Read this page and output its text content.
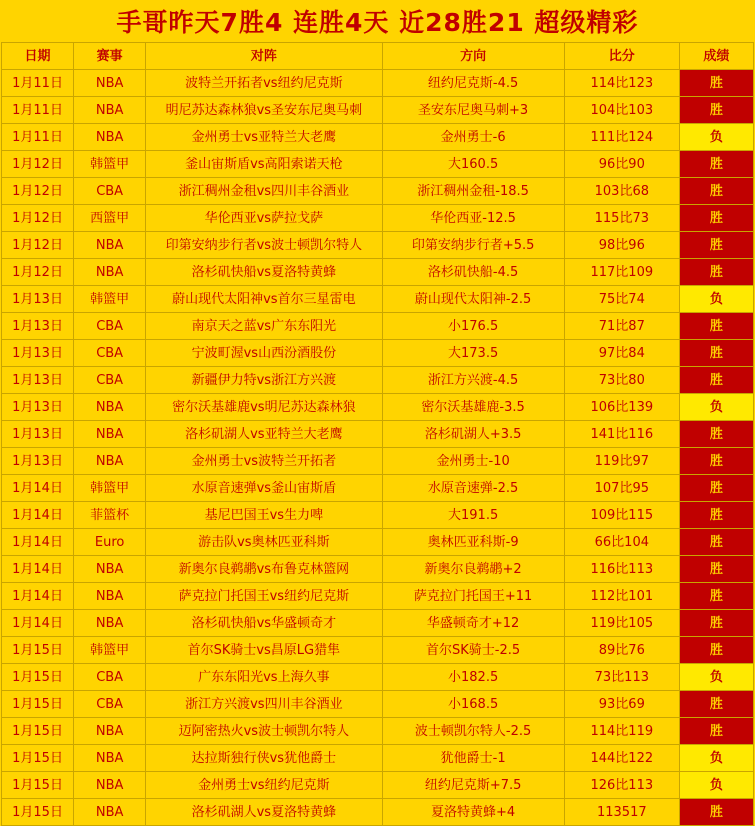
手哥昨天7胜4 连胜4天 近28胜21 超级精彩
日期	赛事	对阵	方向	比分	成绩
1月11日	NBA	波特兰开拓者vs纽约尼克斯	纽约尼克斯-4.5	114比123	胜
1月11日	NBA	明尼苏达森林狼vs圣安东尼奥马刺	圣安东尼奥马刺+3	104比103	胜
1月11日	NBA	金州勇士vs亚特兰大老鹰	金州勇士-6	111比124	负
1月12日	韩篮甲	釜山宙斯盾vs高阳索诺天枪	大160.5	96比90	胜
1月12日	CBA	浙江稠州金租vs四川丰谷酒业	浙江稠州金租-18.5	103比68	胜
1月12日	西篮甲	华伦西亚vs萨拉戈萨	华伦西亚-12.5	115比73	胜
1月12日	NBA	印第安纳步行者vs波士顿凯尔特人	印第安纳步行者+5.5	98比96	胜
1月12日	NBA	洛杉矶快船vs夏洛特黄蜂	洛杉矶快船-4.5	117比109	胜
1月13日	韩篮甲	蔚山现代太阳神vs首尔三星雷电	蔚山现代太阳神-2.5	75比74	负
1月13日	CBA	南京天之蓝vs广东东阳光	小176.5	71比87	胜
1月13日	CBA	宁波町渥vs山西汾酒股份	大173.5	97比84	胜
1月13日	CBA	新疆伊力特vs浙江方兴渡	浙江方兴渡-4.5	73比80	胜
1月13日	NBA	密尔沃基雄鹿vs明尼苏达森林狼	密尔沃基雄鹿-3.5	106比139	负
1月13日	NBA	洛杉矶湖人vs亚特兰大老鹰	洛杉矶湖人+3.5	141比116	胜
1月13日	NBA	金州勇士vs波特兰开拓者	金州勇士-10	119比97	胜
1月14日	韩篮甲	水原音速弹vs釜山宙斯盾	水原音速弹-2.5	107比95	胜
1月14日	菲篮杯	基尼巴国王vs生力啤	大191.5	109比115	胜
1月14日	Euro	游击队vs奥林匹亚科斯	奥林匹亚科斯-9	66比104	胜
1月14日	NBA	新奥尔良鹈鹕vs布鲁克林篮网	新奥尔良鹈鹕+2	116比113	胜
1月14日	NBA	萨克拉门托国王vs纽约尼克斯	萨克拉门托国王+11	112比101	胜
1月14日	NBA	洛杉矶快船vs华盛顿奇才	华盛顿奇才+12	119比105	胜
1月15日	韩篮甲	首尔SK骑士vs昌原LG猎隼	首尔SK骑士-2.5	89比76	胜
1月15日	CBA	广东东阳光vs上海久事	小182.5	73比113	负
1月15日	CBA	浙江方兴渡vs四川丰谷酒业	小168.5	93比69	胜
1月15日	NBA	迈阿密热火vs波士顿凯尔特人	波士顿凯尔特人-2.5	114比119	胜
1月15日	NBA	达拉斯独行侠vs犹他爵士	犹他爵士-1	144比122	负
1月15日	NBA	金州勇士vs纽约尼克斯	纽约尼克斯+7.5	126比113	负
1月15日	NBA	洛杉矶湖人vs夏洛特黄蜂	夏洛特黄蜂+4	113517	胜
